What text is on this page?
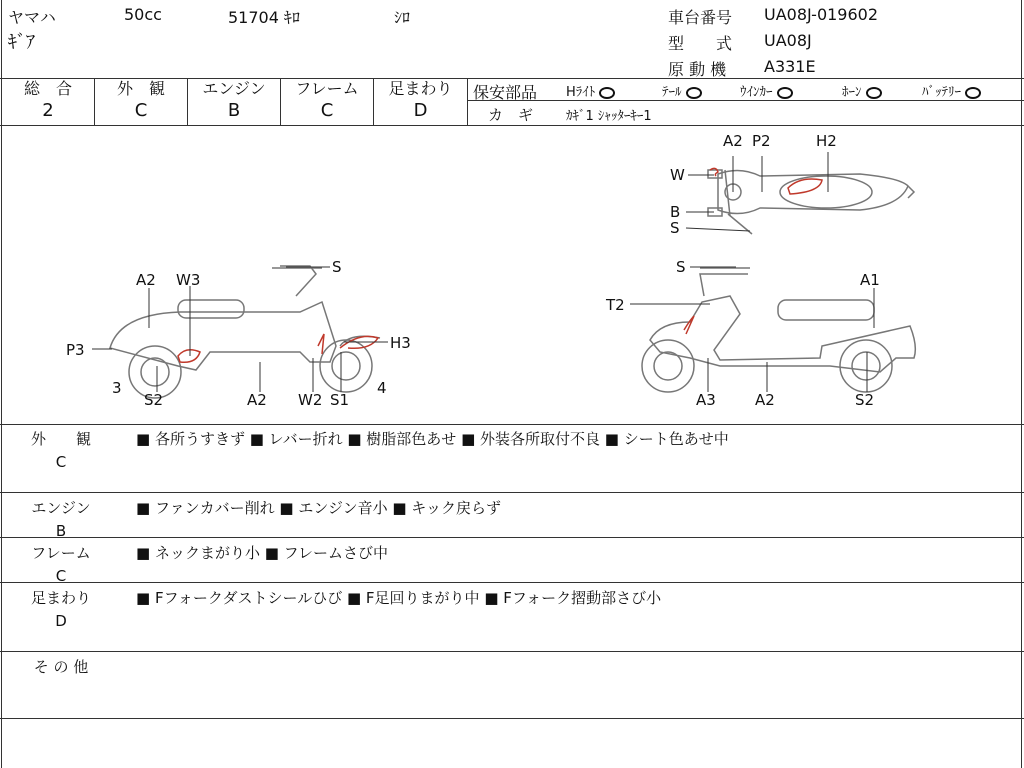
ヤマハ	50cc	51704 ｷﾛ	ｼﾛ
ｷﾞｱ
車台番号 UA08J-019602
型　　式 UA08J
原 動 機 A331E
総　合
2
外　観
C
エンジン
B
フレーム
C
足まわり
D
保安部品 Hﾗｲﾄ	ﾃｰﾙ	ｳｲﾝｶｰ	ﾎｰﾝ	ﾊﾞｯﾃﾘｰ
カ　ギ	ｶｷﾞ1 ｼｬｯﾀｰｷｰ1
A2 P2	H2
W
B
S
A2 W3
S
P3	H3
3
S2	A2 W2 S1
4
S
A1
T2
A3	A2	S2
外　　観
C
■ 各所うすきず ■ レバー折れ ■ 樹脂部色あせ ■ 外装各所取付不良 ■ シート色あせ中
エンジン
B
■ ファンカバー削れ ■ エンジン音小 ■ キック戻らず
フレーム
C
■ ネックまがり小 ■ フレームさび中
足まわり
D
■ Fフォークダストシールひび ■ F足回りまがり中 ■ Fフォーク摺動部さび小
そ の 他
